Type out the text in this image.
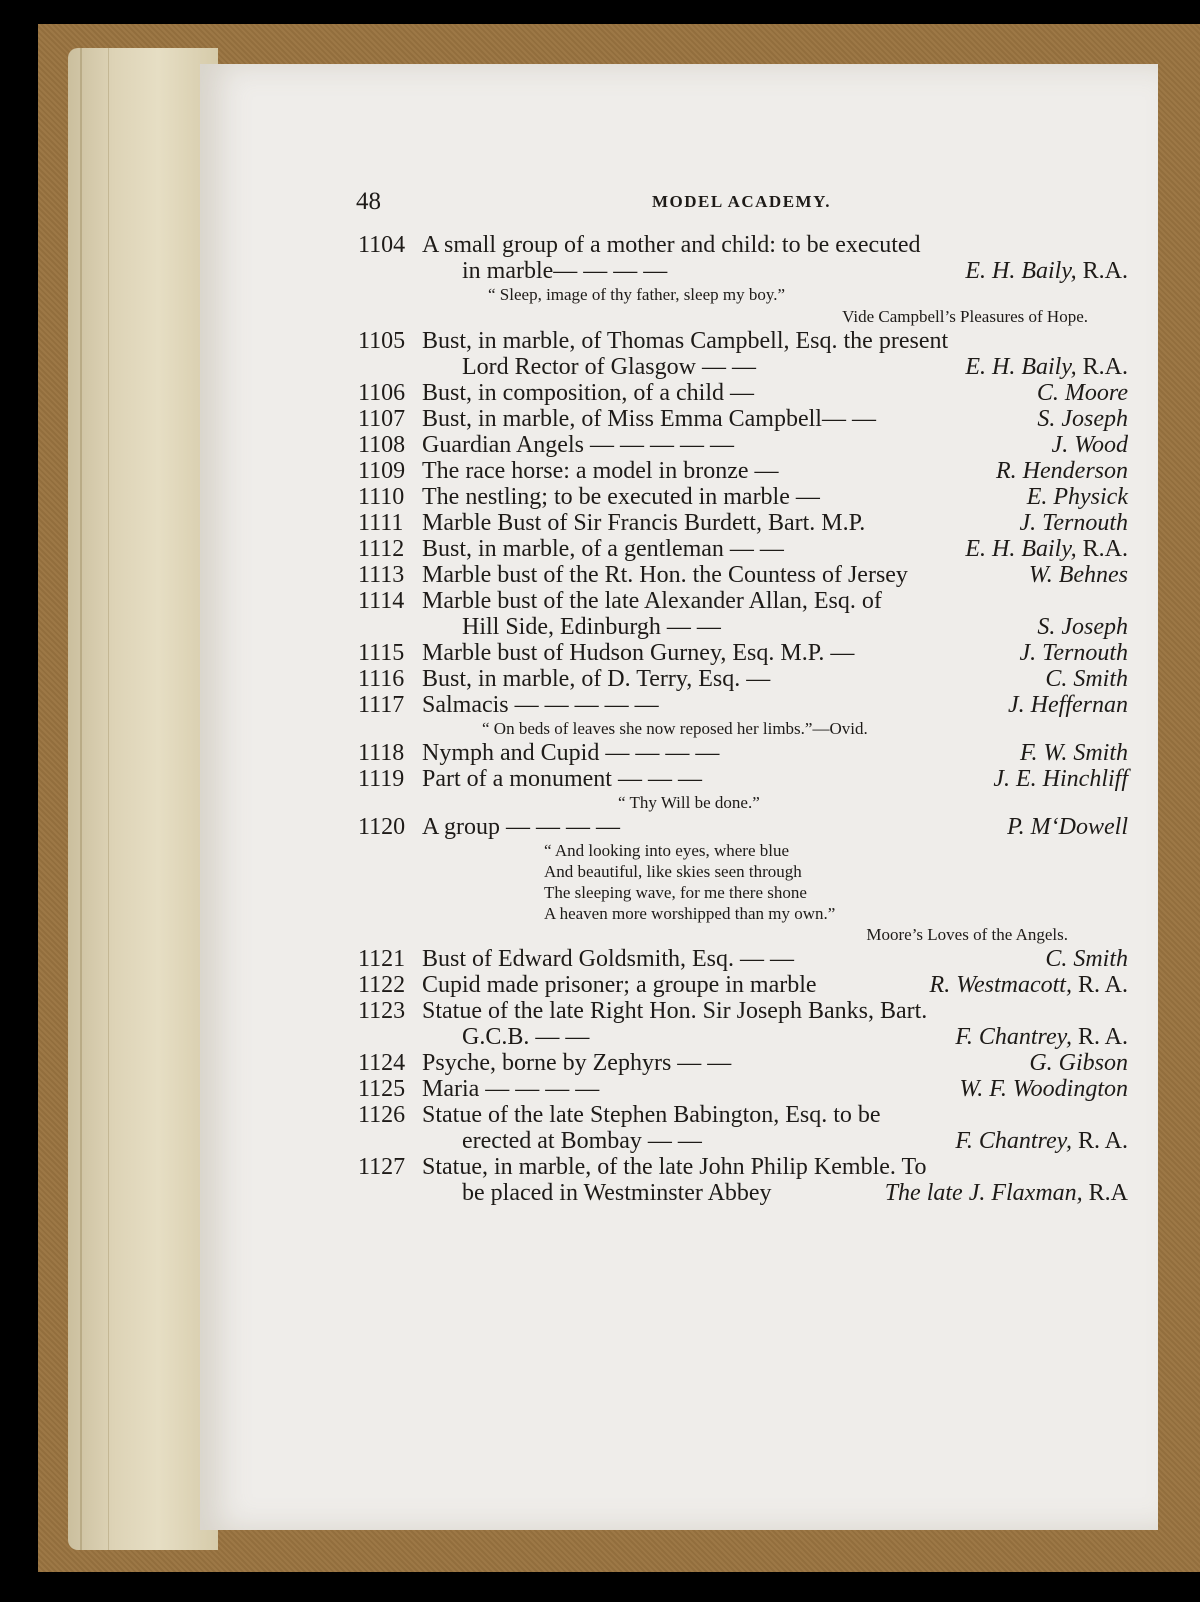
48	MODEL ACADEMY.
1104 A small group of a mother and child: to be executed
in marble— — — —	E. H. Baily, R.A.
“ Sleep, image of thy father, sleep my boy.”
Vide Campbell’s Pleasures of Hope.
1105 Bust, in marble, of Thomas Campbell, Esq. the present
Lord Rector of Glasgow — —	E. H. Baily, R.A.
1106 Bust, in composition, of a child —	C. Moore
1107 Bust, in marble, of Miss Emma Campbell— —	S. Joseph
1108 Guardian Angels — — — — —	J. Wood
1109 The race horse: a model in bronze —	R. Henderson
1110 The nestling; to be executed in marble —	E. Physick
1111 Marble Bust of Sir Francis Burdett, Bart. M.P.	J. Ternouth
1112 Bust, in marble, of a gentleman — —	E. H. Baily, R.A.
1113 Marble bust of the Rt. Hon. the Countess of Jersey	W. Behnes
1114 Marble bust of the late Alexander Allan, Esq. of
Hill Side, Edinburgh — —	S. Joseph
1115 Marble bust of Hudson Gurney, Esq. M.P. —	J. Ternouth
1116 Bust, in marble, of D. Terry, Esq. —	C. Smith
1117 Salmacis — — — — —	J. Heffernan
“ On beds of leaves she now reposed her limbs.”—Ovid.
1118 Nymph and Cupid — — — —	F. W. Smith
1119 Part of a monument — — —	J. E. Hinchliff
“ Thy Will be done.”
1120 A group — — — —	P. M‘Dowell
“ And looking into eyes, where blue
And beautiful, like skies seen through
The sleeping wave, for me there shone
A heaven more worshipped than my own.”
Moore’s Loves of the Angels.
1121 Bust of Edward Goldsmith, Esq. — —	C. Smith
1122 Cupid made prisoner; a groupe in marble	R. Westmacott, R. A.
1123 Statue of the late Right Hon. Sir Joseph Banks, Bart.
G.C.B. — —	F. Chantrey, R. A.
1124 Psyche, borne by Zephyrs — —	G. Gibson
1125 Maria — — — —	W. F. Woodington
1126 Statue of the late Stephen Babington, Esq. to be
erected at Bombay — —	F. Chantrey, R. A.
1127 Statue, in marble, of the late John Philip Kemble. To
be placed in Westminster Abbey	The late J. Flaxman, R.A
